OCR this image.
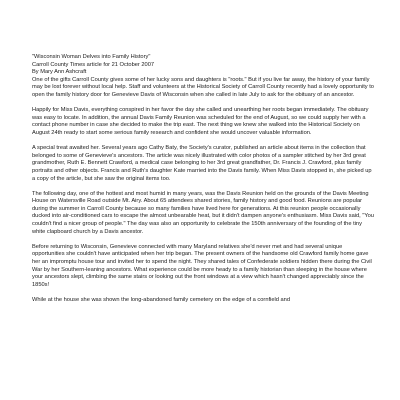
"Wisconsin Woman Delves into Family History"
Carroll County Times article for 21 October 2007
By Mary Ann Ashcraft

One of the gifts Carroll County gives some of her lucky sons and daughters is "roots." But if you live far away, the history of your family may be lost forever without local help. Staff and volunteers at the Historical Society of Carroll County recently had a lovely opportunity to open the family history door for Genevieve Davis of Wisconsin when she called in late July to ask for the obituary of an ancestor.

Happily for Miss Davis, everything conspired in her favor the day she called and unearthing her roots began immediately. The obituary was easy to locate. In addition, the annual Davis Family Reunion was scheduled for the end of August, so we could supply her with a contact phone number in case she decided to make the trip east. The next thing we knew she walked into the Historical Society on August 24th ready to start some serious family research and confident she would uncover valuable information.

A special treat awaited her. Several years ago Cathy Baty, the Society's curator, published an article about items in the collection that belonged to some of Genevieve's ancestors. The article was nicely illustrated with color photos of a sampler stitched by her 3rd great grandmother, Ruth E. Bennett Crawford, a medical case belonging to her 3rd great grandfather, Dr. Francis J. Crawford, plus family portraits and other objects. Francis and Ruth's daughter Kate married into the Davis family. When Miss Davis stopped in, she picked up a copy of the article, but she saw the original items too.

The following day, one of the hottest and most humid in many years, was the Davis Reunion held on the grounds of the Davis Meeting House on Watersville Road outside Mt. Airy. About 65 attendees shared stories, family history and good food. Reunions are popular during the summer in Carroll County because so many families have lived here for generations. At this reunion people occasionally ducked into air-conditioned cars to escape the almost unbearable heat, but it didn't dampen anyone's enthusiasm. Miss Davis said, "You couldn't find a nicer group of people." The day was also an opportunity to celebrate the 150th anniversary of the founding of the tiny white clapboard church by a Davis ancestor.

Before returning to Wisconsin, Genevieve connected with many Maryland relatives she'd never met and had several unique opportunities she couldn't have anticipated when her trip began. The present owners of the handsome old Crawford family home gave her an impromptu house tour and invited her to spend the night. They shared tales of Confederate soldiers hidden there during the Civil War by her Southern-leaning ancestors. What experience could be more heady to a family historian than sleeping in the house where your ancestors slept, climbing the same stairs or looking out the front windows at a view which hasn't changed appreciably since the 1850s!

While at the house she was shown the long-abandoned family cemetery on the edge of a cornfield and
